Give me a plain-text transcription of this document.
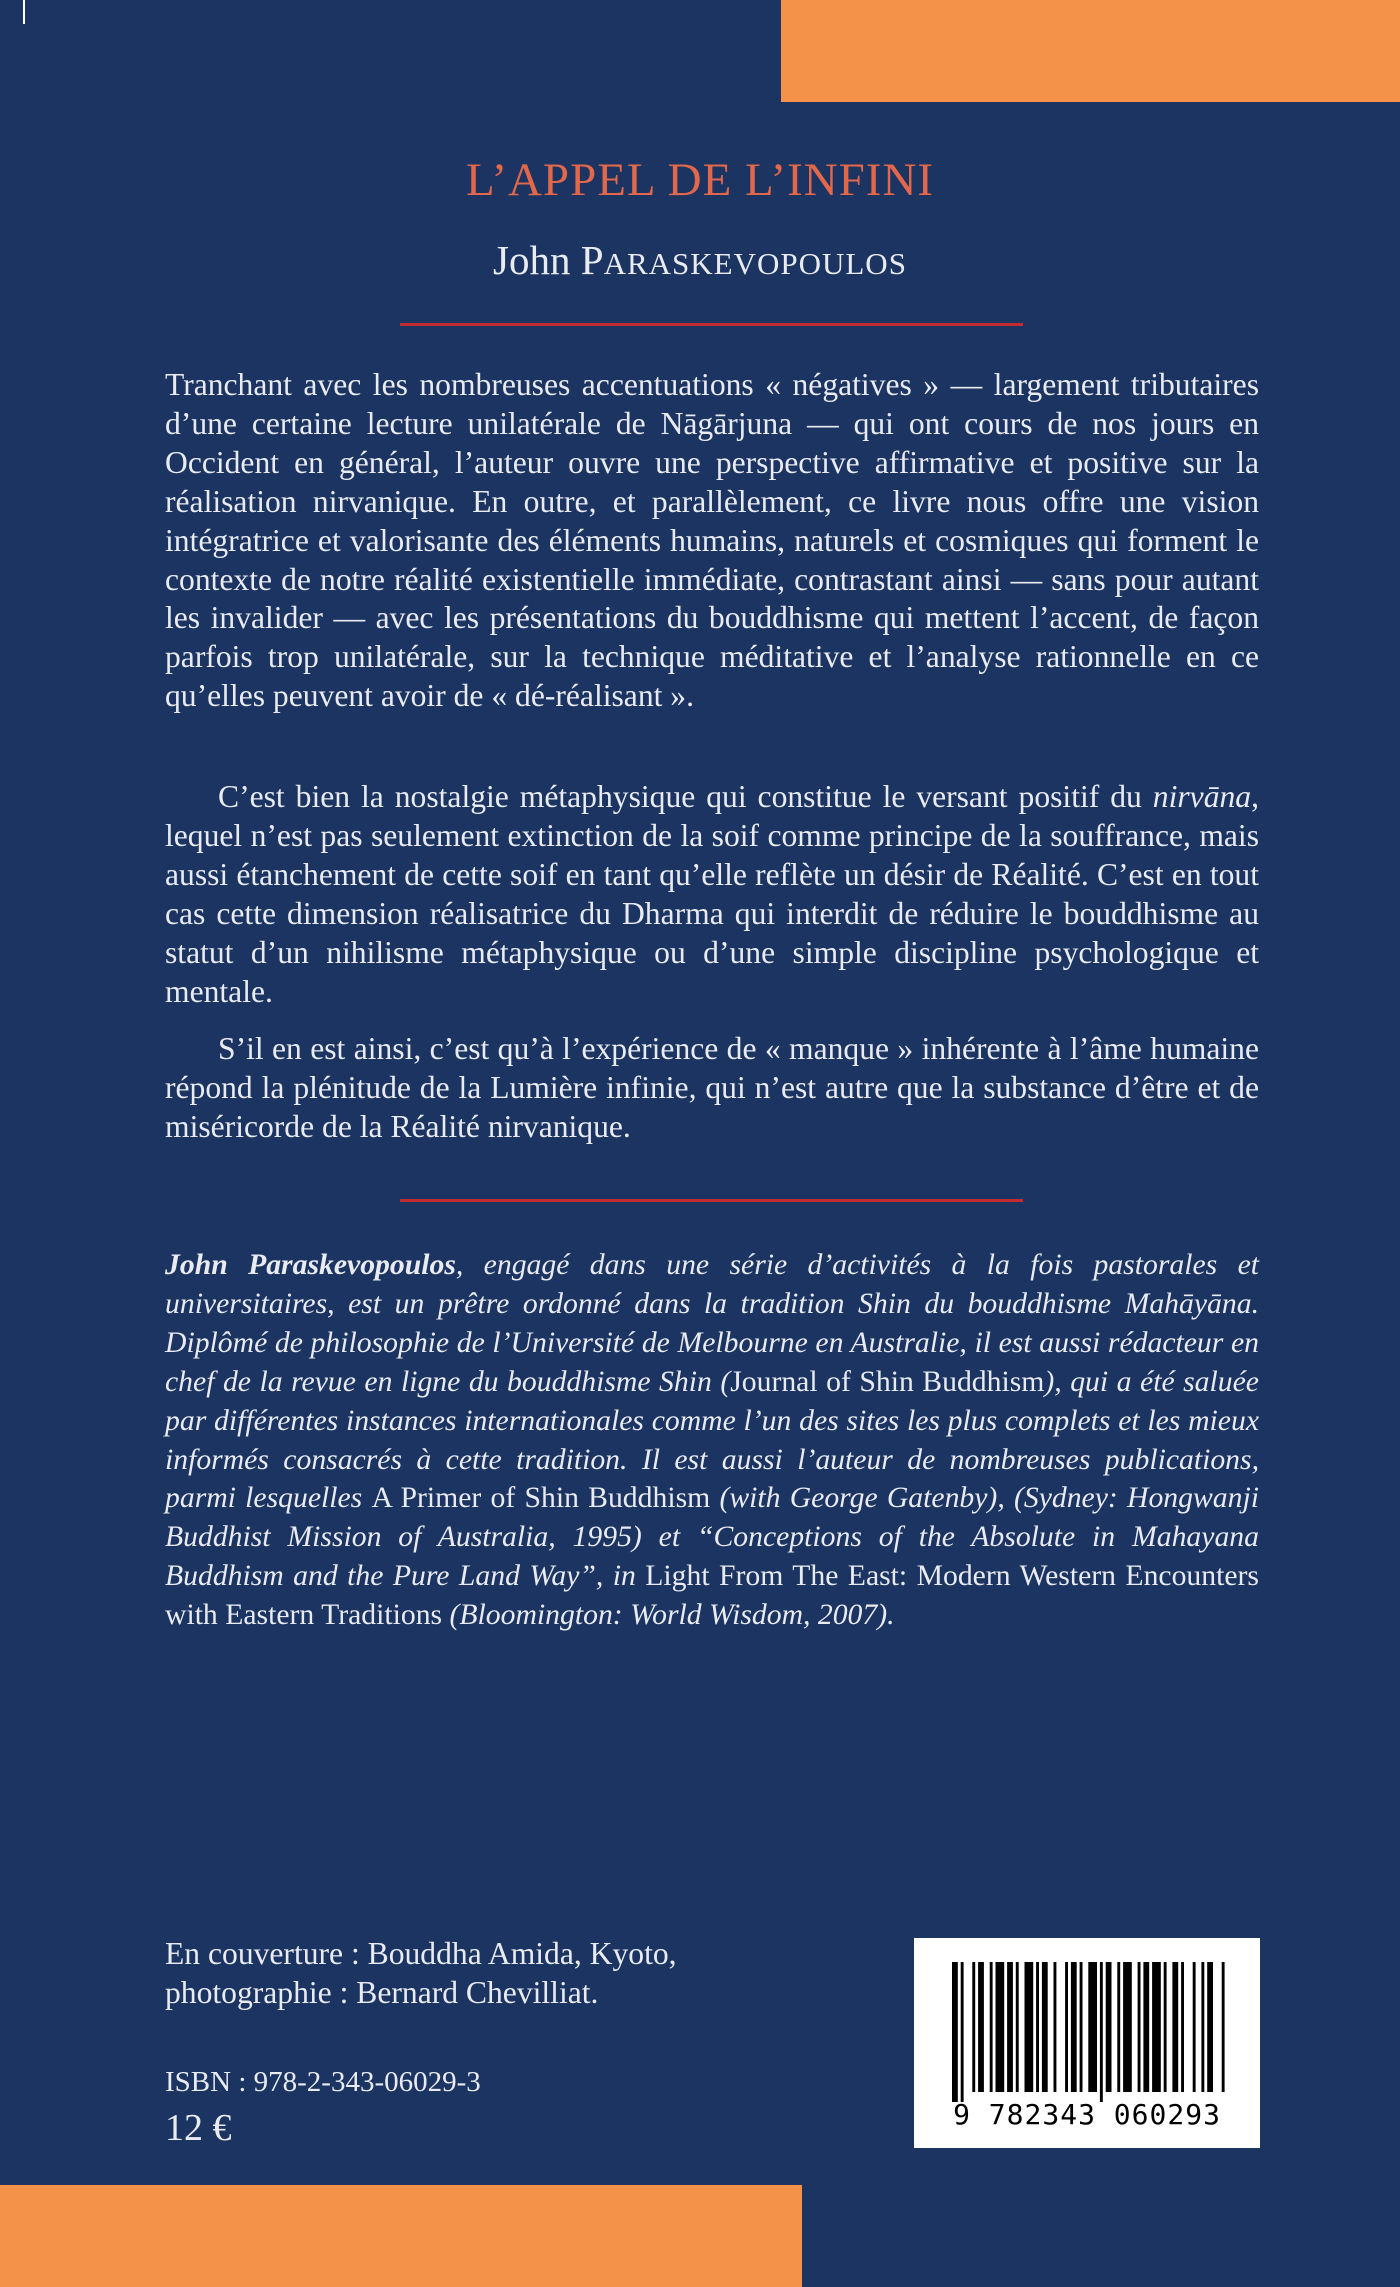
L’APPEL DE L’INFINI
John PARASKEVOPOULOS

Tranchant avec les nombreuses accentuations « négatives » — largement tributaires d’une certaine lecture unilatérale de Nāgārjuna — qui ont cours de nos jours en Occident en général, l’auteur ouvre une perspective affirmative et positive sur la réalisation nirvanique. En outre, et parallèlement, ce livre nous offre une vision intégratrice et valorisante des éléments humains, naturels et cosmiques qui forment le contexte de notre réalité existentielle immédiate, contrastant ainsi — sans pour autant les invalider — avec les présentations du bouddhisme qui mettent l’accent, de façon parfois trop unilatérale, sur la technique méditative et l’analyse rationnelle en ce qu’elles peuvent avoir de « dé-réalisant ».

C’est bien la nostalgie métaphysique qui constitue le versant positif du nirvāna, lequel n’est pas seulement extinction de la soif comme principe de la souffrance, mais aussi étanchement de cette soif en tant qu’elle reflète un désir de Réalité. C’est en tout cas cette dimension réalisatrice du Dharma qui interdit de réduire le bouddhisme au statut d’un nihilisme métaphysique ou d’une simple discipline psychologique et mentale.

S’il en est ainsi, c’est qu’à l’expérience de « manque » inhérente à l’âme humaine répond la plénitude de la Lumière infinie, qui n’est autre que la substance d’être et de miséricorde de la Réalité nirvanique.

John Paraskevopoulos, engagé dans une série d’activités à la fois pastorales et universitaires, est un prêtre ordonné dans la tradition Shin du bouddhisme Mahāyāna. Diplômé de philosophie de l’Université de Melbourne en Australie, il est aussi rédacteur en chef de la revue en ligne du bouddhisme Shin (Journal of Shin Buddhism), qui a été saluée par différentes instances internationales comme l’un des sites les plus complets et les mieux informés consacrés à cette tradition. Il est aussi l’auteur de nombreuses publications, parmi lesquelles A Primer of Shin Buddhism (with George Gatenby), (Sydney: Hongwanji Buddhist Mission of Australia, 1995) et “Conceptions of the Absolute in Mahayana Buddhism and the Pure Land Way”, in Light From The East: Modern Western Encounters with Eastern Traditions (Bloomington: World Wisdom, 2007).

En couverture : Bouddha Amida, Kyoto,
photographie : Bernard Chevilliat.
ISBN : 978-2-343-06029-3
12 €	9 782343 060293
